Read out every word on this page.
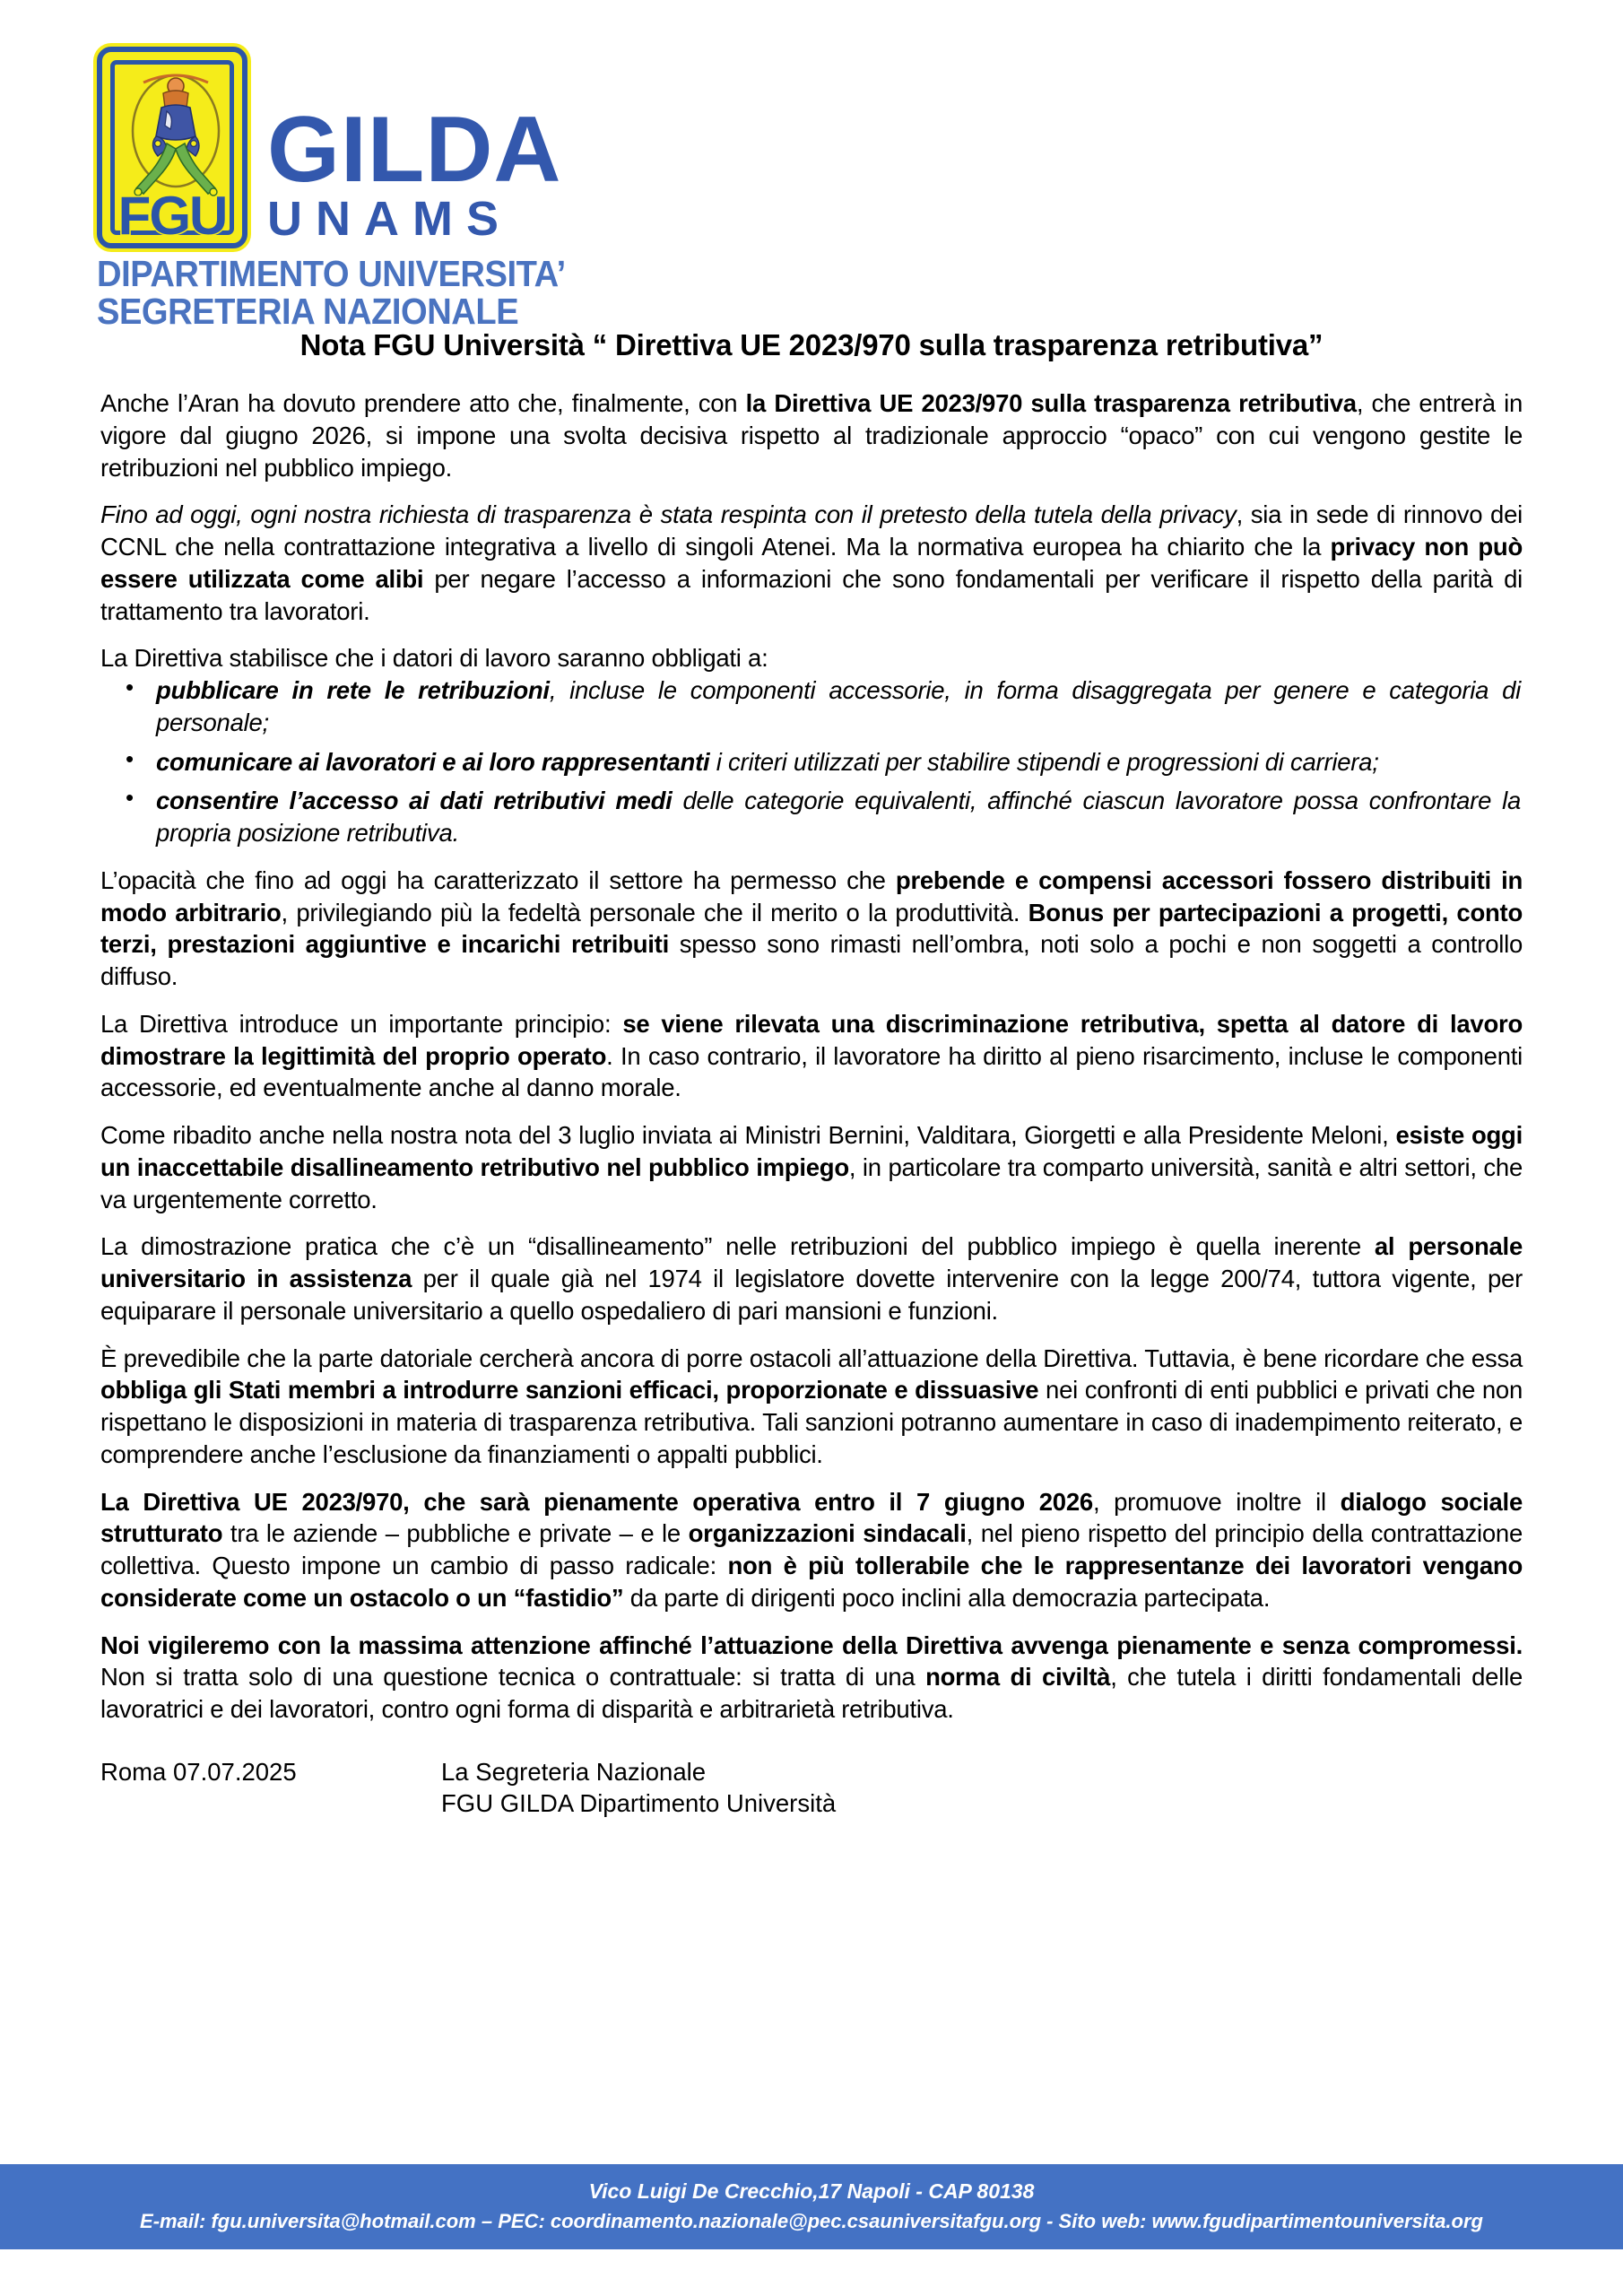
FGU
GILDA
UNAMS
DIPARTIMENTO UNIVERSITA’
SEGRETERIA NAZIONALE
Nota FGU Università “ Direttiva UE 2023/970 sulla trasparenza retributiva”

Anche l’Aran ha dovuto prendere atto che, finalmente, con la Direttiva UE 2023/970 sulla trasparenza retributiva, che entrerà in vigore dal giugno 2026, si impone una svolta decisiva rispetto al tradizionale approccio “opaco” con cui vengono gestite le retribuzioni nel pubblico impiego.

Fino ad oggi, ogni nostra richiesta di trasparenza è stata respinta con il pretesto della tutela della privacy, sia in sede di rinnovo dei CCNL che nella contrattazione integrativa a livello di singoli Atenei. Ma la normativa europea ha chiarito che la privacy non può essere utilizzata come alibi per negare l’accesso a informazioni che sono fondamentali per verificare il rispetto della parità di trattamento tra lavoratori.

La Direttiva stabilisce che i datori di lavoro saranno obbligati a:

• pubblicare in rete le retribuzioni, incluse le componenti accessorie, in forma disaggregata per genere e categoria di personale;
• comunicare ai lavoratori e ai loro rappresentanti i criteri utilizzati per stabilire stipendi e progressioni di carriera;
• consentire l’accesso ai dati retributivi medi delle categorie equivalenti, affinché ciascun lavoratore possa confrontare la propria posizione retributiva.

L’opacità che fino ad oggi ha caratterizzato il settore ha permesso che prebende e compensi accessori fossero distribuiti in modo arbitrario, privilegiando più la fedeltà personale che il merito o la produttività. Bonus per partecipazioni a progetti, conto terzi, prestazioni aggiuntive e incarichi retribuiti spesso sono rimasti nell’ombra, noti solo a pochi e non soggetti a controllo diffuso.

La Direttiva introduce un importante principio: se viene rilevata una discriminazione retributiva, spetta al datore di lavoro dimostrare la legittimità del proprio operato. In caso contrario, il lavoratore ha diritto al pieno risarcimento, incluse le componenti accessorie, ed eventualmente anche al danno morale.

Come ribadito anche nella nostra nota del 3 luglio inviata ai Ministri Bernini, Valditara, Giorgetti e alla Presidente Meloni, esiste oggi un inaccettabile disallineamento retributivo nel pubblico impiego, in particolare tra comparto università, sanità e altri settori, che va urgentemente corretto.

La dimostrazione pratica che c’è un “disallineamento” nelle retribuzioni del pubblico impiego è quella inerente al personale universitario in assistenza per il quale già nel 1974 il legislatore dovette intervenire con la legge 200/74, tuttora vigente, per equiparare il personale universitario a quello ospedaliero di pari mansioni e funzioni.

È prevedibile che la parte datoriale cercherà ancora di porre ostacoli all’attuazione della Direttiva. Tuttavia, è bene ricordare che essa obbliga gli Stati membri a introdurre sanzioni efficaci, proporzionate e dissuasive nei confronti di enti pubblici e privati che non rispettano le disposizioni in materia di trasparenza retributiva. Tali sanzioni potranno aumentare in caso di inadempimento reiterato, e comprendere anche l’esclusione da finanziamenti o appalti pubblici.

La Direttiva UE 2023/970, che sarà pienamente operativa entro il 7 giugno 2026, promuove inoltre il dialogo sociale strutturato tra le aziende – pubbliche e private – e le organizzazioni sindacali, nel pieno rispetto del principio della contrattazione collettiva. Questo impone un cambio di passo radicale: non è più tollerabile che le rappresentanze dei lavoratori vengano considerate come un ostacolo o un “fastidio” da parte di dirigenti poco inclini alla democrazia partecipata.

Noi vigileremo con la massima attenzione affinché l’attuazione della Direttiva avvenga pienamente e senza compromessi. Non si tratta solo di una questione tecnica o contrattuale: si tratta di una norma di civiltà, che tutela i diritti fondamentali delle lavoratrici e dei lavoratori, contro ogni forma di disparità e arbitrarietà retributiva.

Roma 07.07.2025	La Segreteria Nazionale
FGU GILDA Dipartimento Università
Vico Luigi De Crecchio,17 Napoli - CAP 80138
E-mail: fgu.universita@hotmail.com – PEC: coordinamento.nazionale@pec.csauniversitafgu.org - Sito web: www.fgudipartimentouniversita.org
